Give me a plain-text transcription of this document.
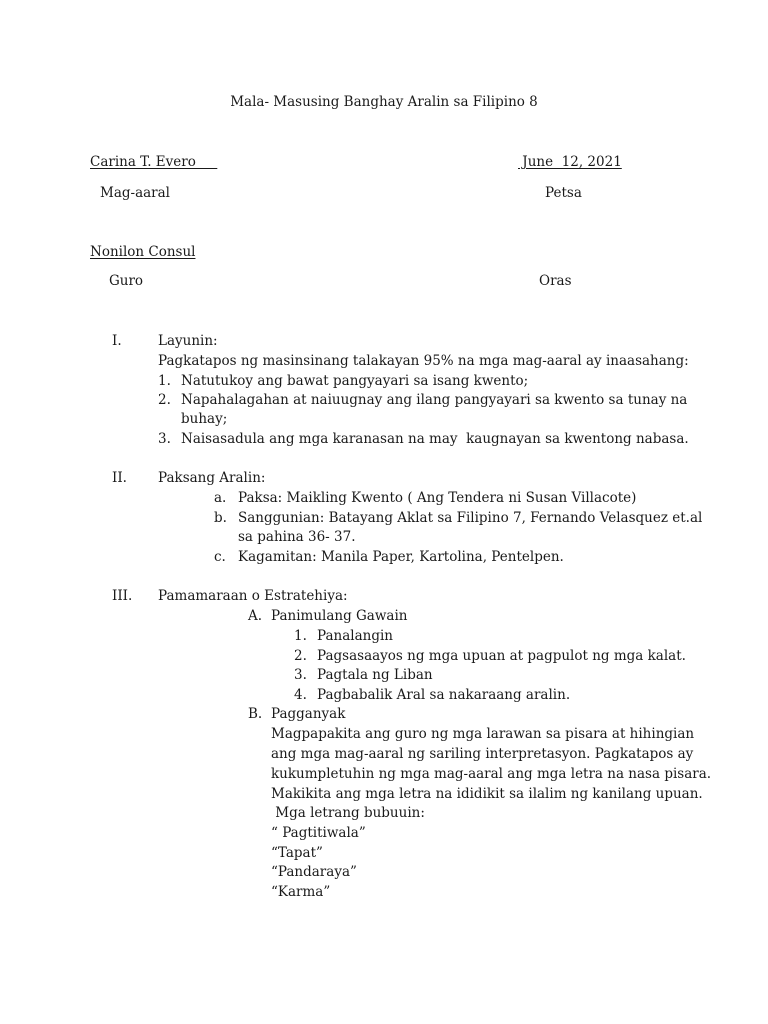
Mala- Masusing Banghay Aralin sa Filipino 8
Carina T. Evero	June  12, 2021
Mag-aaral	Petsa
Nonilon Consul
Guro	Oras
I.	Layunin:
Pagkatapos ng masinsinang talakayan 95% na mga mag-aaral ay inaasahang:
1. Natutukoy ang bawat pangyayari sa isang kwento;
2. Napahalagahan at naiuugnay ang ilang pangyayari sa kwento sa tunay na
buhay;
3. Naisasadula ang mga karanasan na may  kaugnayan sa kwentong nabasa.
II. Paksang Aralin:
a. Paksa: Maikling Kwento ( Ang Tendera ni Susan Villacote)
b. Sanggunian: Batayang Aklat sa Filipino 7, Fernando Velasquez et.al
sa pahina 36- 37.
c. Kagamitan: Manila Paper, Kartolina, Pentelpen.
III. Pamamaraan o Estratehiya:
A. Panimulang Gawain
1. Panalangin
2. Pagsasaayos ng mga upuan at pagpulot ng mga kalat.
3. Pagtala ng Liban
4. Pagbabalik Aral sa nakaraang aralin.
B. Pagganyak
Magpapakita ang guro ng mga larawan sa pisara at hihingian
ang mga mag-aaral ng sariling interpretasyon. Pagkatapos ay
kukumpletuhin ng mga mag-aaral ang mga letra na nasa pisara.
Makikita ang mga letra na ididikit sa ilalim ng kanilang upuan.
Mga letrang bubuuin:
“ Pagtitiwala”
“Tapat”
“Pandaraya”
“Karma”
